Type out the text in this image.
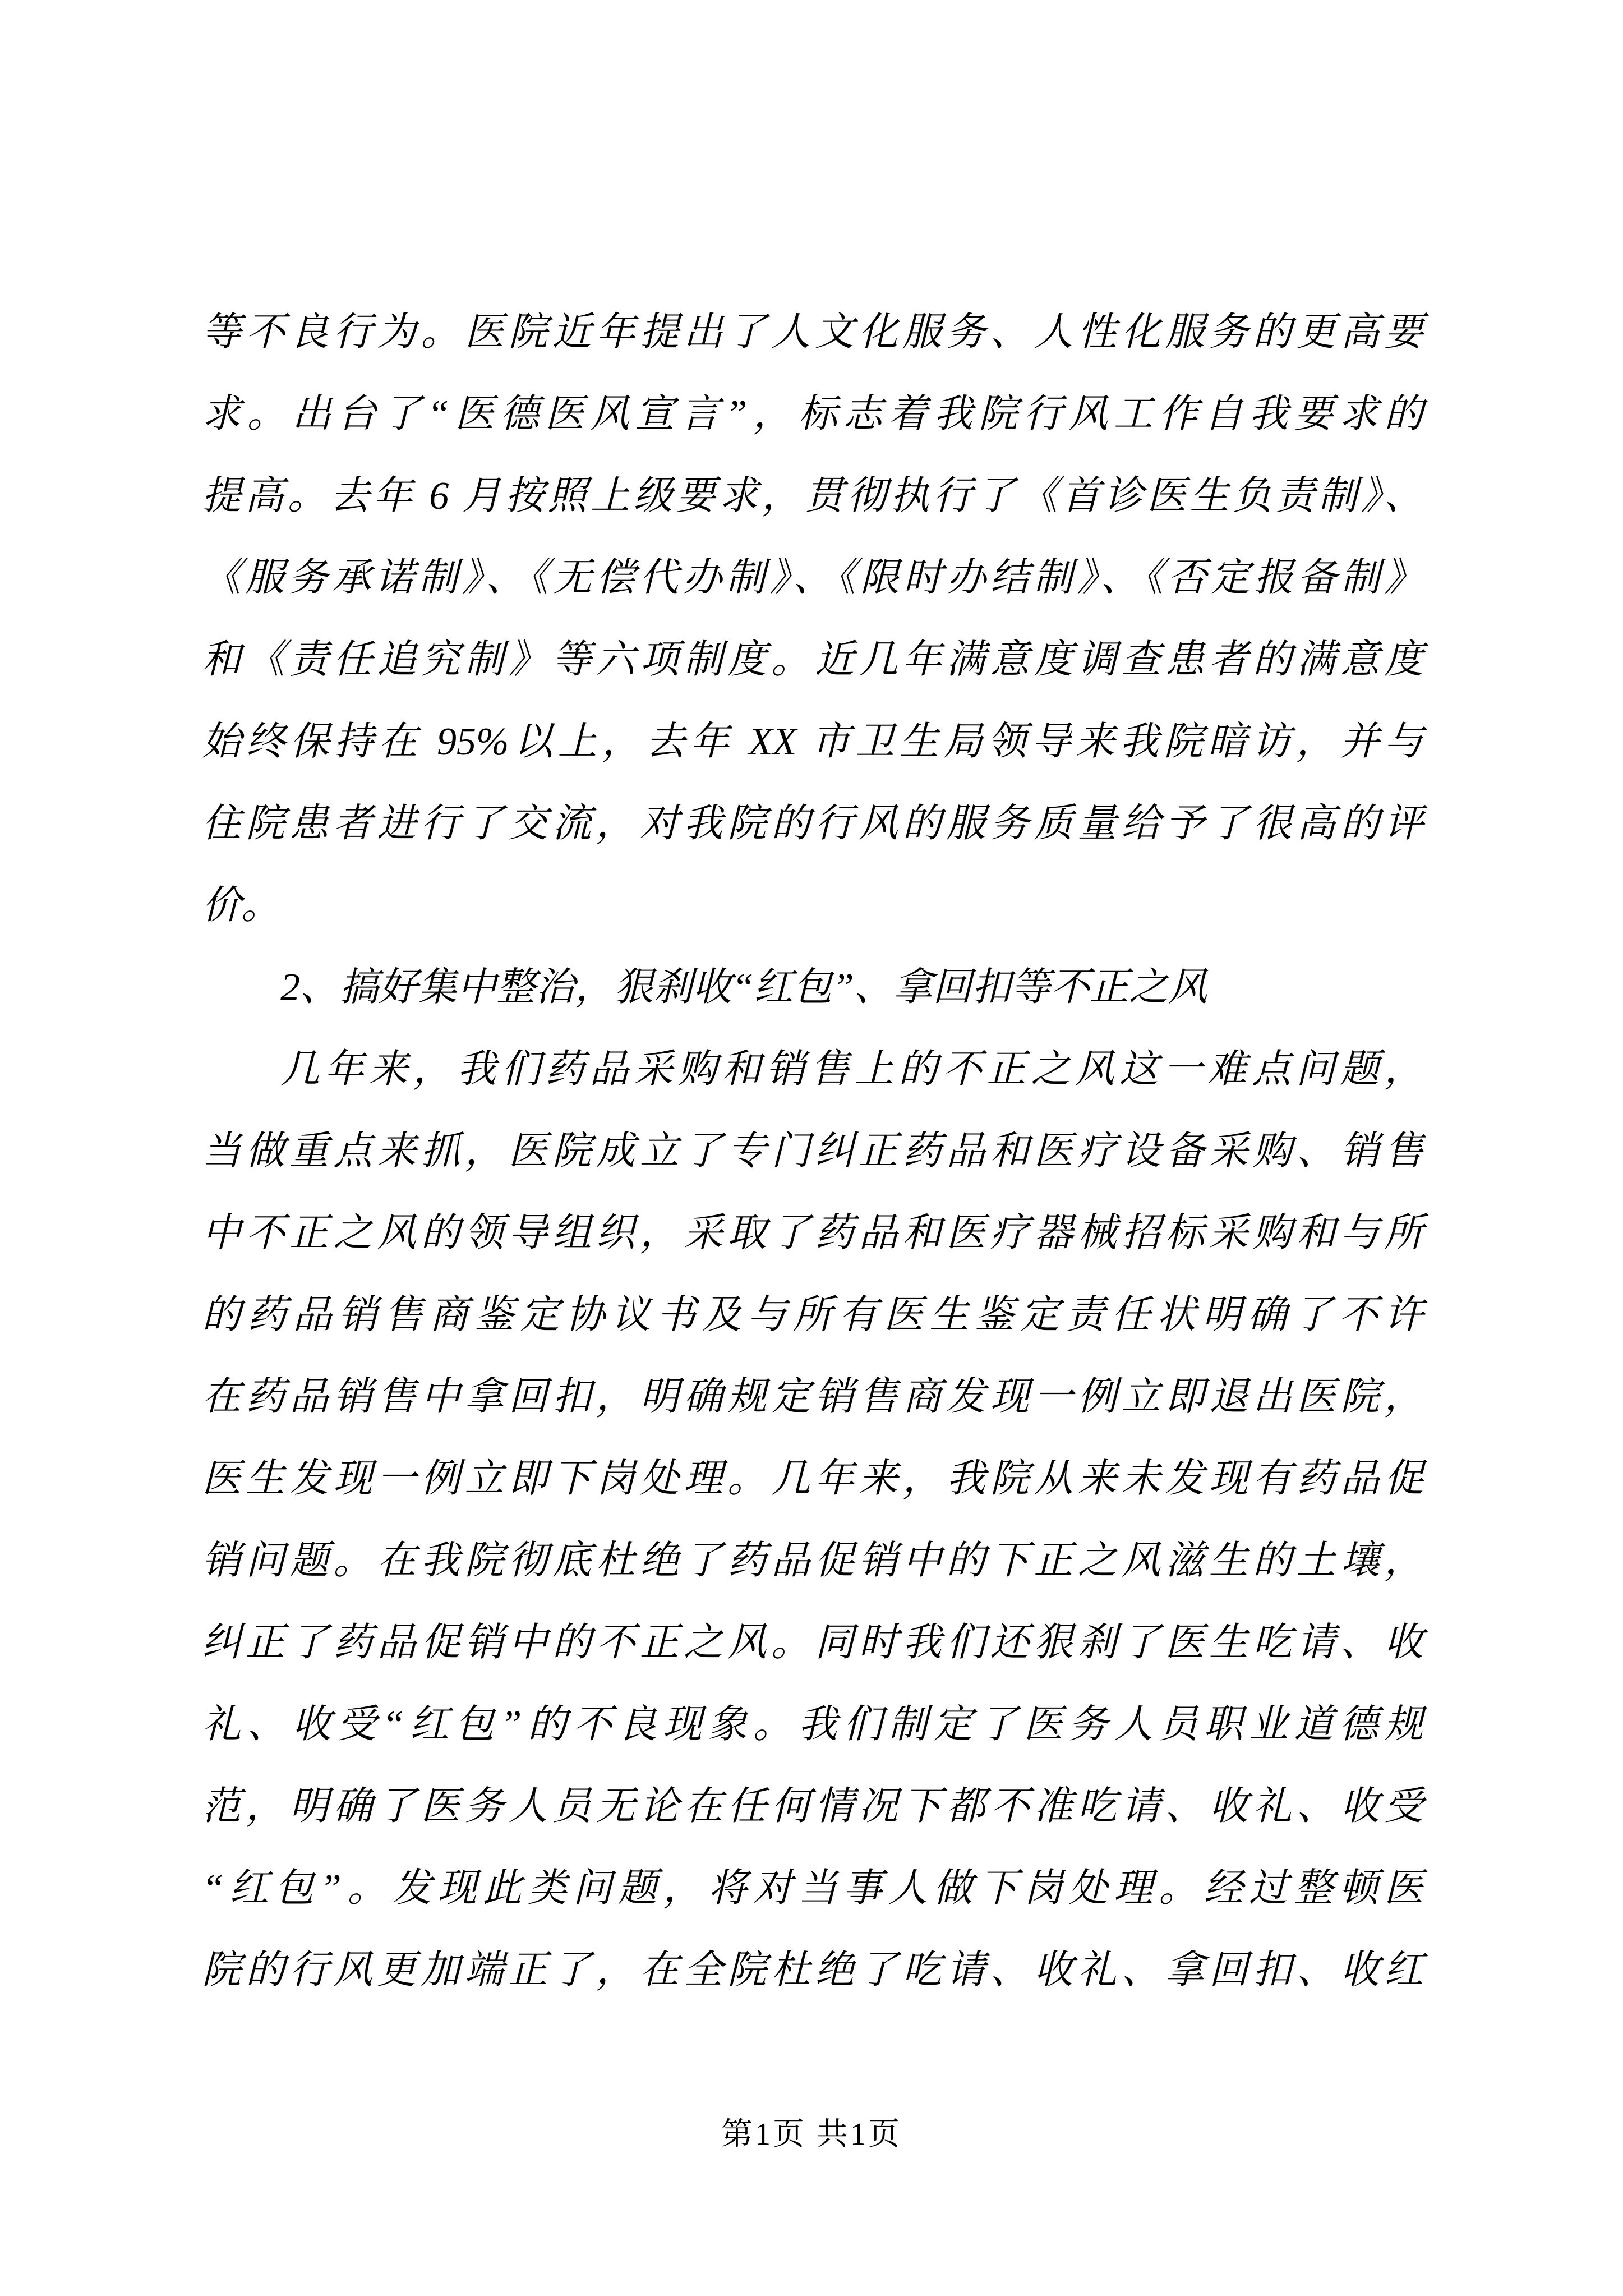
等不良行为。医院近年提出了人文化服务、人性化服务的更高要
求。出台了“医德医风宣言”，标志着我院行风工作自我要求的
提高。去年 6 月按照上级要求，贯彻执行了《首诊医生负责制》、
《服务承诺制》、《无偿代办制》、《限时办结制》、《否定报备制》
和《责任追究制》等六项制度。近几年满意度调查患者的满意度
始终保持在 95%以上，去年 XX 市卫生局领导来我院暗访，并与
住院患者进行了交流，对我院的行风的服务质量给予了很高的评
价。
2、搞好集中整治，狠刹收“红包”、拿回扣等不正之风
几年来，我们药品采购和销售上的不正之风这一难点问题，
当做重点来抓，医院成立了专门纠正药品和医疗设备采购、销售
中不正之风的领导组织，采取了药品和医疗器械招标采购和与所
的药品销售商鉴定协议书及与所有医生鉴定责任状明确了不许
在药品销售中拿回扣，明确规定销售商发现一例立即退出医院，
医生发现一例立即下岗处理。几年来，我院从来未发现有药品促
销问题。在我院彻底杜绝了药品促销中的下正之风滋生的土壤，
纠正了药品促销中的不正之风。同时我们还狠刹了医生吃请、收
礼、收受“红包”的不良现象。我们制定了医务人员职业道德规
范，明确了医务人员无论在任何情况下都不准吃请、收礼、收受
“红包”。发现此类问题，将对当事人做下岗处理。经过整顿医
院的行风更加端正了，在全院杜绝了吃请、收礼、拿回扣、收红
第1页 共1页
